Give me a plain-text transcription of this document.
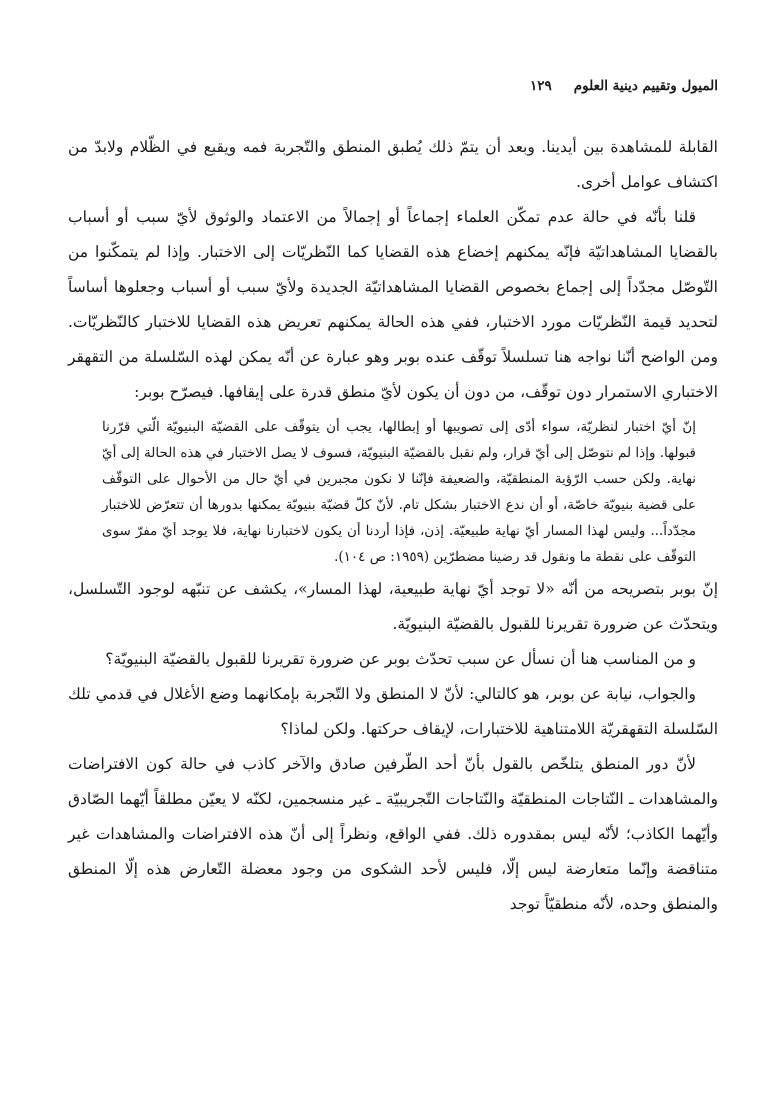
الميول وتقييم دينية العلوم
١٢٩

القابلة للمشاهدة بين أيدينا. وبعد أن يتمّ ذلك يُطبق المنطق والتّجربة فمه ويقبع في الظّلام ولابدّ من اكتشاف عوامل أخرى.

قلنا بأنّه في حالة عدم تمكّن العلماء إجماعاً أو إجمالاً من الاعتماد والوثوق لأيّ سبب أو أسباب بالقضايا المشاهداتيّة فإنّه يمكنهم إخضاع هذه القضايا كما النّظريّات إلى الاختبار. وإذا لم يتمكّنوا من التّوصّل مجدّداً إلى إجماع بخصوص القضايا المشاهداتيّة الجديدة ولأيّ سبب أو أسباب وجعلوها أساساً لتحديد قيمة النّظريّات مورد الاختبار، ففي هذه الحالة يمكنهم تعريض هذه القضايا للاختبار كالنّظريّات. ومن الواضح أنّنا نواجه هنا تسلسلاً توقّف عنده بوبر وهو عبارة عن أنّه يمكن لهذه السّلسلة من التقهقر الاختباري الاستمرار دون توقّف، من دون أن يكون لأيّ منطق قدرة على إيقافها. فيصرّح بوبر:

إنّ أيّ اختبار لنظريّة، سواء أدّى إلى تصويبها أو إبطالها، يجب أن يتوقّف على القضيّة البنيويّة الّتي قرّرنا قبولها. وإذا لم نتوصّل إلى أيّ قرار، ولم نقبل بالقضيّة البنيويّة، فسوف لا يصل الاختبار في هذه الحالة إلى أيّ نهاية. ولكن حسب الرّؤية المنطقيّة، والضعيفة فإنّنا لا نكون مجبرين في أيّ حال من الأحوال على التوقّف على قضية بنيويّة خاصّة، أو أن ندع الاختبار بشكل تام. لأنّ كلّ قضيّة بنيويّة يمكنها بدورها أن تتعرّض للاختبار مجدّداً... وليس لهذا المسار أيّ نهاية طبيعيّة. إذن، فإذا أردنا أن يكون لاختبارنا نهاية، فلا يوجد أيّ مفرّ سوى التوقّف على نقطة ما ونقول قد رضينا مضطرّين (١٩٥٩: ص ١٠٤).

إنّ بوبر بتصريحه من أنّه «لا توجد أيّ نهاية طبيعية، لهذا المسار»، يكشف عن تنبّهه لوجود التّسلسل، ويتحدّث عن ضرورة تقريرنا للقبول بالقضيّة البنيويّة.

و من المناسب هنا أن نسأل عن سبب تحدّث بوبر عن ضرورة تقريرنا للقبول بالقضيّة البنيويّة؟

والجواب، نيابة عن بوبر، هو كالتالي: لأنّ لا المنطق ولا التّجربة بإمكانهما وضع الأغلال في قدمي تلك السّلسلة التقهقريّة اللامتناهية للاختبارات، لإيقاف حركتها. ولكن لماذا؟

لأنّ دور المنطق يتلخّص بالقول بأنّ أحد الطّرفين صادق والآخر كاذب في حالة كون الافتراضات والمشاهدات ـ النّتاجات المنطقيّة والنّتاجات التّجريبيّة ـ غير منسجمين، لكنّه لا يعيّن مطلقاً أيّهما الصّادق وأيّهما الكاذب؛ لأنّه ليس بمقدوره ذلك. ففي الواقع، ونظراً إلى أنّ هذه الافتراضات والمشاهدات غير متناقضة وإنّما متعارضة ليس إلّا، فليس لأحد الشكوى من وجود معضلة التّعارض هذه إلّا المنطق والمنطق وحده، لأنّه منطقيّاً توجد
